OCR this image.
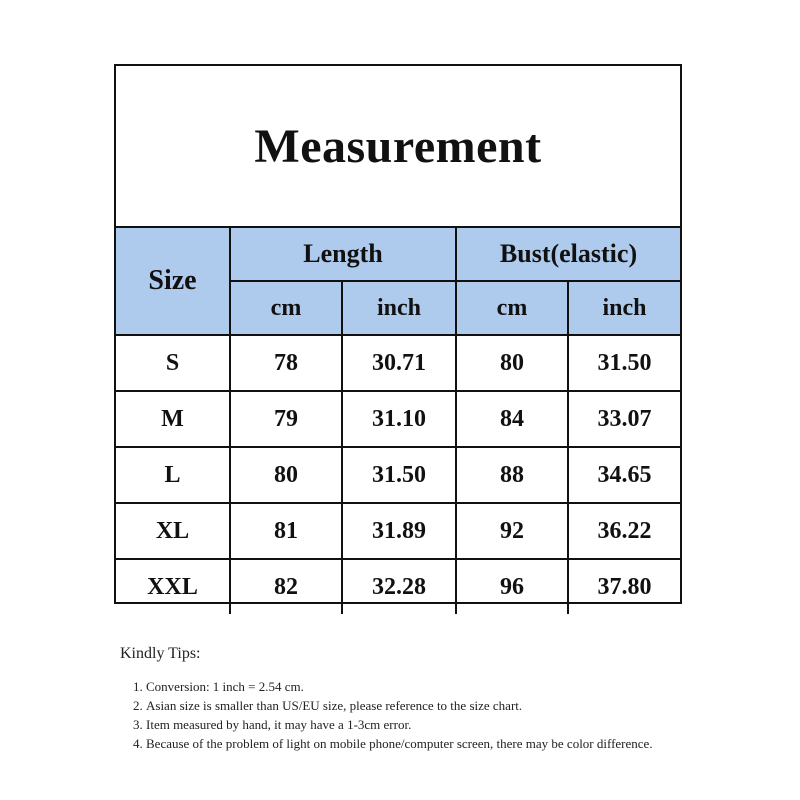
Measurement
Size	Length		Bust(elastic)	
	cm	inch	cm	inch
S	78	30.71	80	31.50
M	79	31.10	84	33.07
L	80	31.50	88	34.65
XL	81	31.89	92	36.22
XXL	82	32.28	96	37.80
Kindly Tips:
1. Conversion: 1 inch = 2.54 cm.
2. Asian size is smaller than US/EU size, please reference to the size chart.
3. Item measured by hand, it may have a 1-3cm error.
4. Because of the problem of light on mobile phone/computer screen, there may be color difference.
